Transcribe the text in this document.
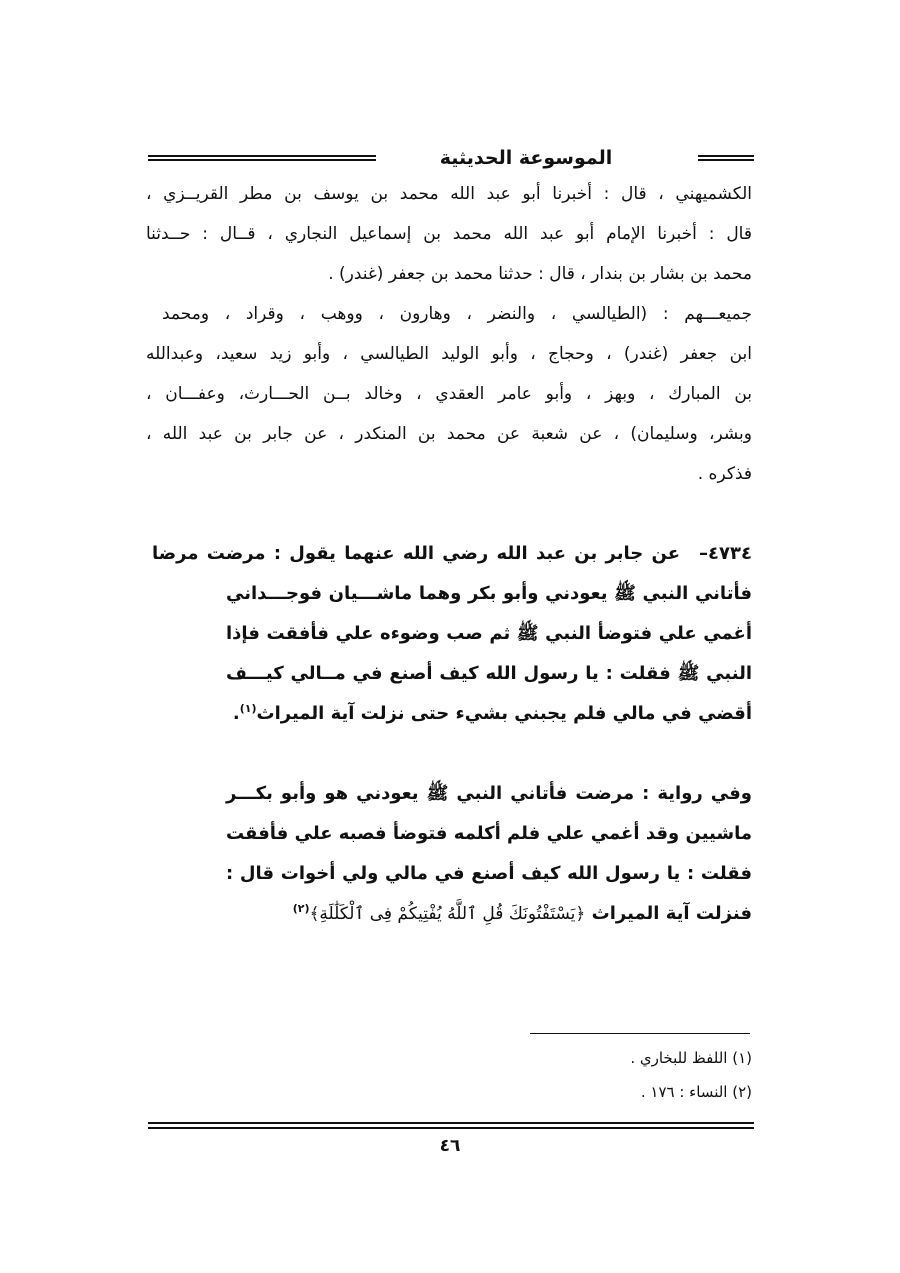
الموسوعة الحديثية
الكشميهني ، قال : أخبرنا أبو عبد الله محمد بن يوسف بن مطر القريــزي ،
قال : أخبرنا الإمام أبو عبد الله محمد بن إسماعيل النجاري ، قــال : حــدثنا
محمد بن بشار بن بندار ، قال : حدثنا محمد بن جعفر (غندر) .
جميعـــهم : (الطيالسي ، والنضر ، وهارون ، ووهب ، وقراد ، ومحمد
ابن جعفر (غندر) ، وحجاج ، وأبو الوليد الطيالسي ، وأبو زيد سعيد، وعبدالله
بن المبارك ، وبهز ، وأبو عامر العقدي ، وخالد بــن الحـــارث، وعفـــان ،
وبشر، وسليمان) ، عن شعبة عن محمد بن المنكدر ، عن جابر بن عبد الله ،
فذكره .
٤٧٣٤–
عن جابر بن عبد الله رضي الله عنهما يقول : مرضت مرضا
فأتاني النبي ﷺ يعودني وأبو بكر وهما ماشـــيان فوجـــداني
أغمي علي فتوضأ النبي ﷺ ثم صب وضوءه علي فأفقت فإذا
النبي ﷺ فقلت : يا رسول الله كيف أصنع في مــالي كيـــف
أقضي في مالي فلم يجبني بشيء حتى نزلت آية الميراث$^{(١)}$.
وفي رواية : مرضت فأتاني النبي ﷺ يعودني هو وأبو بكـــر
ماشيين وقد أغمي علي فلم أكلمه فتوضأ فصبه علي فأفقت
فقلت : يا رسول الله كيف أصنع في مالي ولي أخوات قال :
فنزلت آية الميراث ﴿يَسْتَفْتُونَكَ قُلِ ٱللَّهُ يُفْتِيكُمْ فِى ٱلْكَلَٰلَةِ﴾$^{(٢)}$
(١) اللفظ للبخاري .
(٢) النساء : ١٧٦ .
٤٦
